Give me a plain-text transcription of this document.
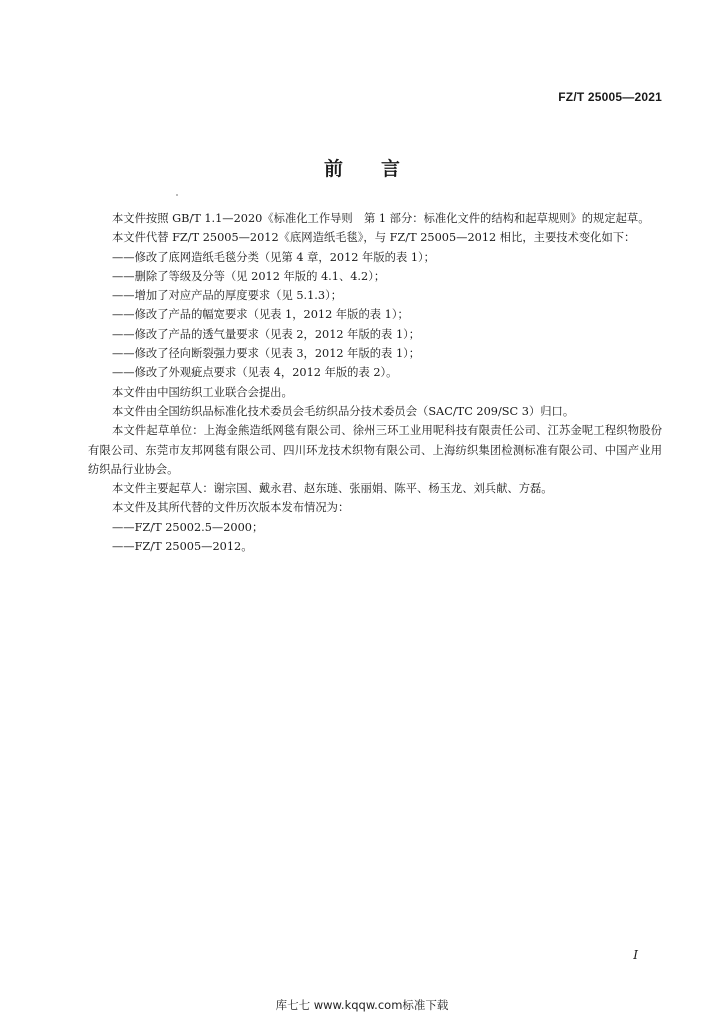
FZ/T 25005—2021
前言

本文件按照 GB/T 1.1—2020《标准化工作导则　第 1 部分：标准化文件的结构和起草规则》的规定起草。

本文件代替 FZ/T 25005—2012《底网造纸毛毯》，与 FZ/T 25005—2012 相比，主要技术变化如下：

——修改了底网造纸毛毯分类（见第 4 章，2012 年版的表 1）；

——删除了等级及分等（见 2012 年版的 4.1、4.2）；

——增加了对应产品的厚度要求（见 5.1.3）；

——修改了产品的幅宽要求（见表 1，2012 年版的表 1）；

——修改了产品的透气量要求（见表 2，2012 年版的表 1）；

——修改了径向断裂强力要求（见表 3，2012 年版的表 1）；

——修改了外观疵点要求（见表 4，2012 年版的表 2）。

本文件由中国纺织工业联合会提出。

本文件由全国纺织品标准化技术委员会毛纺织品分技术委员会（SAC/TC 209/SC 3）归口。

本文件起草单位：上海金熊造纸网毯有限公司、徐州三环工业用呢科技有限责任公司、江苏金呢工程织物股份有限公司、东莞市友邦网毯有限公司、四川环龙技术织物有限公司、上海纺织集团检测标准有限公司、中国产业用纺织品行业协会。

本文件主要起草人：谢宗国、戴永君、赵东琏、张丽娟、陈平、杨玉龙、刘兵献、方磊。

本文件及其所代替的文件历次版本发布情况为：

——FZ/T 25002.5—2000；

——FZ/T 25005—2012。

I
库七七 www.kqqw.com标准下载
